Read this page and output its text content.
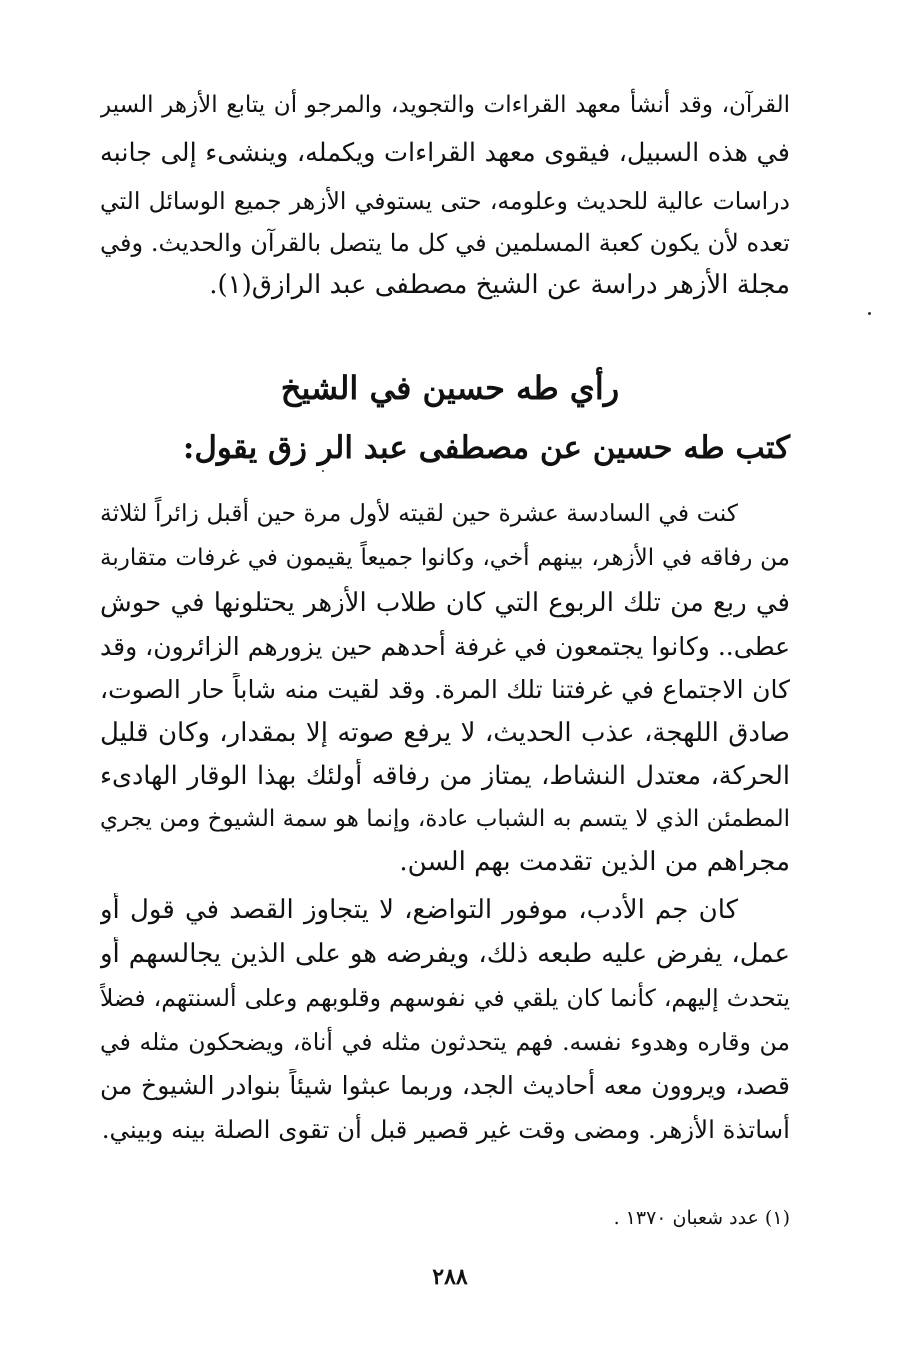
القرآن، وقد أنشأ معهد القراءات والتجويد، والمرجو أن يتابع الأزهر السير
في هذه السبيل، فيقوى معهد القراءات ويكمله، وينشىء إلى جانبه
دراسات عالية للحديث وعلومه، حتى يستوفي الأزهر جميع الوسائل التي
تعده لأن يكون كعبة المسلمين في كل ما يتصل بالقرآن والحديث. وفي
مجلة الأزهر دراسة عن الشيخ مصطفى عبد الرازق(١).
رأي طه حسين في الشيخ
كتب طه حسين عن مصطفى عبد الر زق يقول:
كنت في السادسة عشرة حين لقيته لأول مرة حين أقبل زائراً لثلاثة
من رفاقه في الأزهر، بينهم أخي، وكانوا جميعاً يقيمون في غرفات متقاربة
في ربع من تلك الربوع التي كان طلاب الأزهر يحتلونها في حوش
عطى.. وكانوا يجتمعون في غرفة أحدهم حين يزورهم الزائرون، وقد
كان الاجتماع في غرفتنا تلك المرة. وقد لقيت منه شاباً حار الصوت،
صادق اللهجة، عذب الحديث، لا يرفع صوته إلا بمقدار، وكان قليل
الحركة، معتدل النشاط، يمتاز من رفاقه أولئك بهذا الوقار الهادىء
المطمئن الذي لا يتسم به الشباب عادة، وإنما هو سمة الشيوخ ومن يجري
مجراهم من الذين تقدمت بهم السن.
كان جم الأدب، موفور التواضع، لا يتجاوز القصد في قول أو
عمل، يفرض عليه طبعه ذلك، ويفرضه هو على الذين يجالسهم أو
يتحدث إليهم، كأنما كان يلقي في نفوسهم وقلوبهم وعلى ألسنتهم، فضلاً
من وقاره وهدوء نفسه. فهم يتحدثون مثله في أناة، ويضحكون مثله في
قصد، ويروون معه أحاديث الجد، وربما عبثوا شيئاً بنوادر الشيوخ من
أساتذة الأزهر. ومضى وقت غير قصير قبل أن تقوى الصلة بينه وبيني.
(١) عدد شعبان ١٣٧٠ .
٢٨٨
